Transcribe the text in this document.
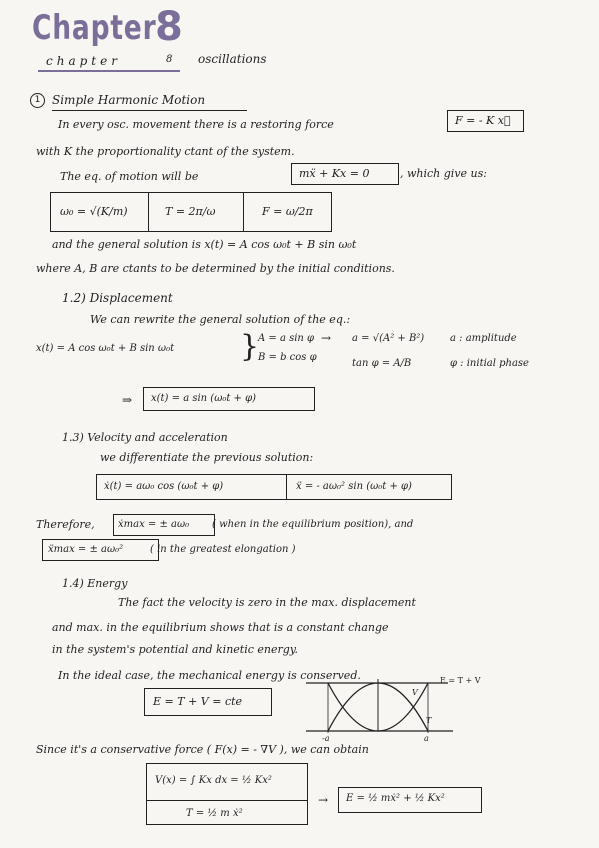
Chapter
8
chapter	8 oscillations
1 Simple Harmonic Motion
In every osc. movement there is a restoring force	F = - K x⃗
with K the proportionality ctant of the system.
The eq. of motion will be	mẍ + Kx = 0	, which give us:
ω₀ = √(K/m)	T = 2π/ω	F = ω/2π
and the general solution is x(t) = A cos ω₀t + B sin ω₀t
where A, B are ctants to be determined by the initial conditions.
1.2) Displacement
We can rewrite the general solution of the eq.:
x(t) = A cos ω₀t + B sin ω₀t }
A = a sin φ
B = b cos φ
→ a = √(A² + B²)	a : amplitude
tan φ = A/B	φ : initial phase
⇒ x(t) = a sin (ω₀t + φ)
1.3) Velocity and acceleration
we differentiate the previous solution:
ẋ(t) = aω₀ cos (ω₀t + φ)	ẍ = - aω₀² sin (ω₀t + φ)
Therefore, ẋmax = ± aω₀ ( when in the equilibrium position), and
ẍmax = ± aω₀²	( in the greatest elongation )
1.4) Energy
The fact the velocity is zero in the max. displacement
and max. in the equilibrium shows that is a constant change
in the system's potential and kinetic energy.
In the ideal case, the mechanical energy is conserved.
E = T + V = cte
E = T + V
V
T
-a	a
Since it's a conservative force ( F(x) = - ∇V ), we can obtain
V(x) = ∫ Kx dx = ½ Kx²
T = ½ m ẋ²
→ E = ½ mẋ² + ½ Kx²
